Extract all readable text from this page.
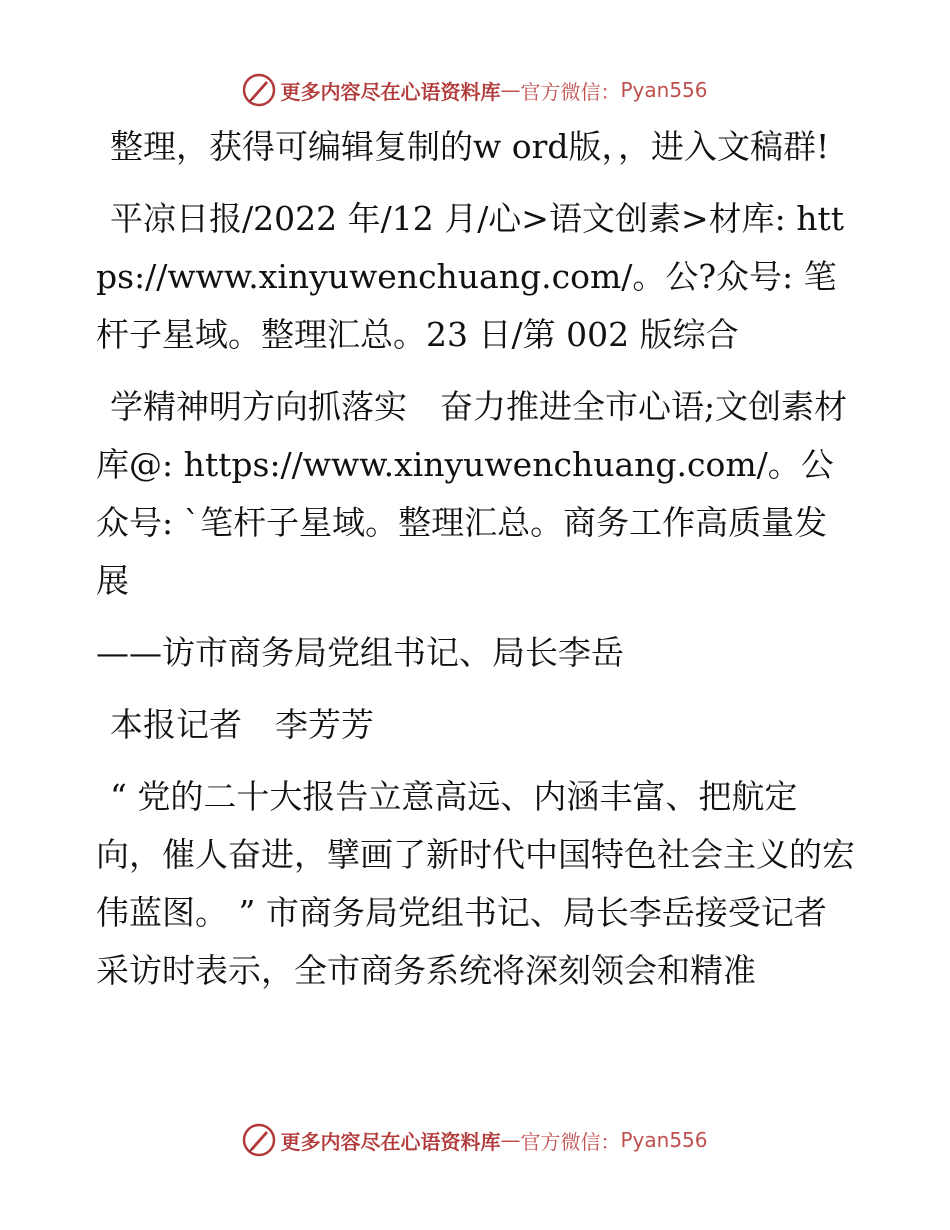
更多内容尽在心语资料库 — 官方微信： Pyan556

整理，获得可编辑复制的w ord版，，进入文稿群!

平凉日报/2022 年/12 月/心>语文创素>材库: https://www.xinyuwenchuang.com/。公?众号: 笔杆子星域。整理汇总。23 日/第 002 版综合

学精神明方向抓落实　奋力推进全市心语;文创素材库@: https://www.xinyuwenchuang.com/。公众号: `笔杆子星域。整理汇总。商务工作高质量发展

——访市商务局党组书记、局长李岳

本报记者　李芳芳

“ 党的二十大报告立意高远、内涵丰富、把航定向，催人奋进，擘画了新时代中国特色社会主义的宏伟蓝图。 ” 市商务局党组书记、局长李岳接受记者采访时表示，全市商务系统将深刻领会和精准

更多内容尽在心语资料库 — 官方微信： Pyan556
